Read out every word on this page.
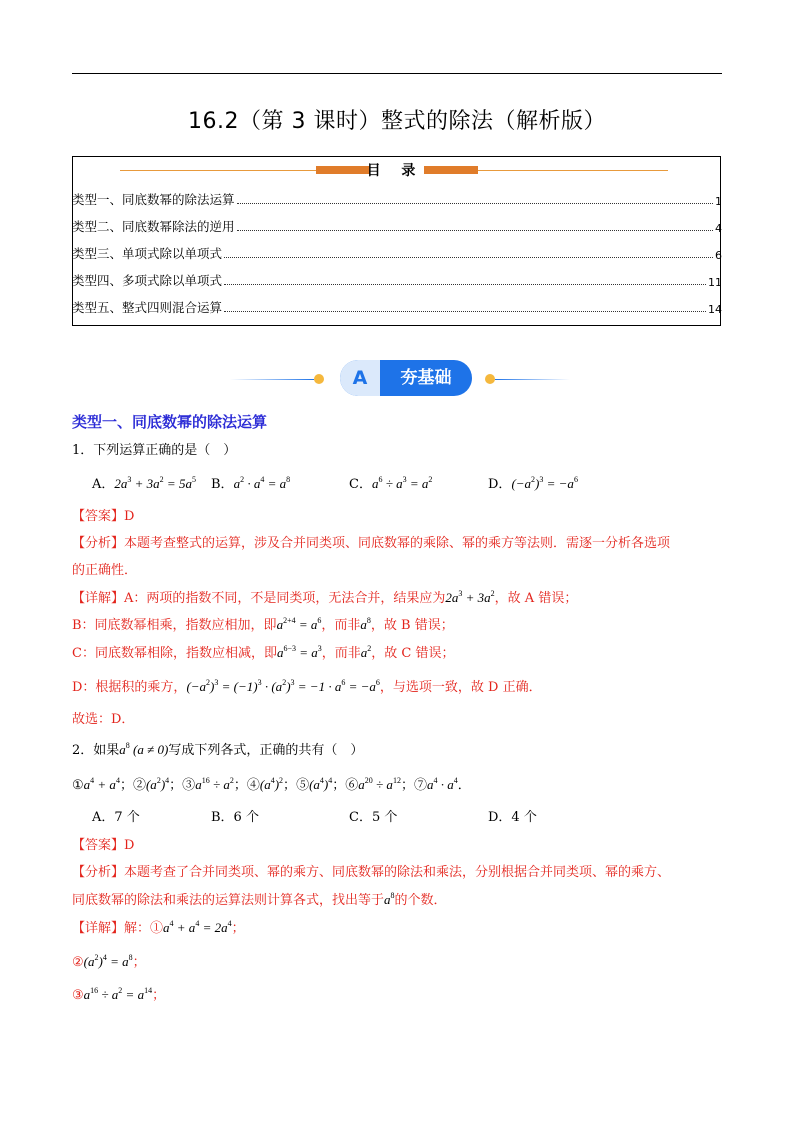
16.2（第 3 课时）整式的除法（解析版）
目 录
类型一、同底数幂的除法运算	1
类型二、同底数幂除法的逆用	4
类型三、单项式除以单项式	6
类型四、多项式除以单项式	11
类型五、整式四则混合运算	14
A	夯基础
类型一、同底数幂的除法运算
1．下列运算正确的是（　）
A．$2a^3 + 3a^2 = 5a^5$ B．$a^2 \cdot a^4 = a^8$	C．$a^6 \div a^3 = a^2$	D．$(-a^2)^3 = -a^6$
【答案】D
【分析】本题考查整式的运算，涉及合并同类项、同底数幂的乘除、幂的乘方等法则．需逐一分析各选项
的正确性．
【详解】A：两项的指数不同，不是同类项，无法合并，结果应为$2a^3 + 3a^2$，故 A 错误；
B：同底数幂相乘，指数应相加，即$a^{2+4} = a^6$，而非$a^8$，故 B 错误；
C：同底数幂相除，指数应相减，即$a^{6-3} = a^3$，而非$a^2$，故 C 错误；
D：根据积的乘方，$(-a^2)^3 = (-1)^3 \cdot (a^2)^3 = -1 \cdot a^6 = -a^6$，与选项一致，故 D 正确．
故选：D．
2．如果$a^8$ (a ≠ 0)写成下列各式，正确的共有（　）
$①a^4 + a^4$；$②(a^2)^4$；$③a^{16} \div a^2$；$④(a^4)^2$；$⑤(a^4)^4$；$⑥a^{20} \div a^{12}$；$⑦a^4 \cdot a^4$．
A．7 个	B．6 个	C．5 个	D．4 个
【答案】D
【分析】本题考查了合并同类项、幂的乘方、同底数幂的除法和乘法，分别根据合并同类项、幂的乘方、
同底数幂的除法和乘法的运算法则计算各式，找出等于$a^8$的个数．
【详解】解：$①a^4 + a^4 = 2a^4$；
$②(a^2)^4 = a^8$；
$③a^{16} \div a^2 = a^{14}$；
